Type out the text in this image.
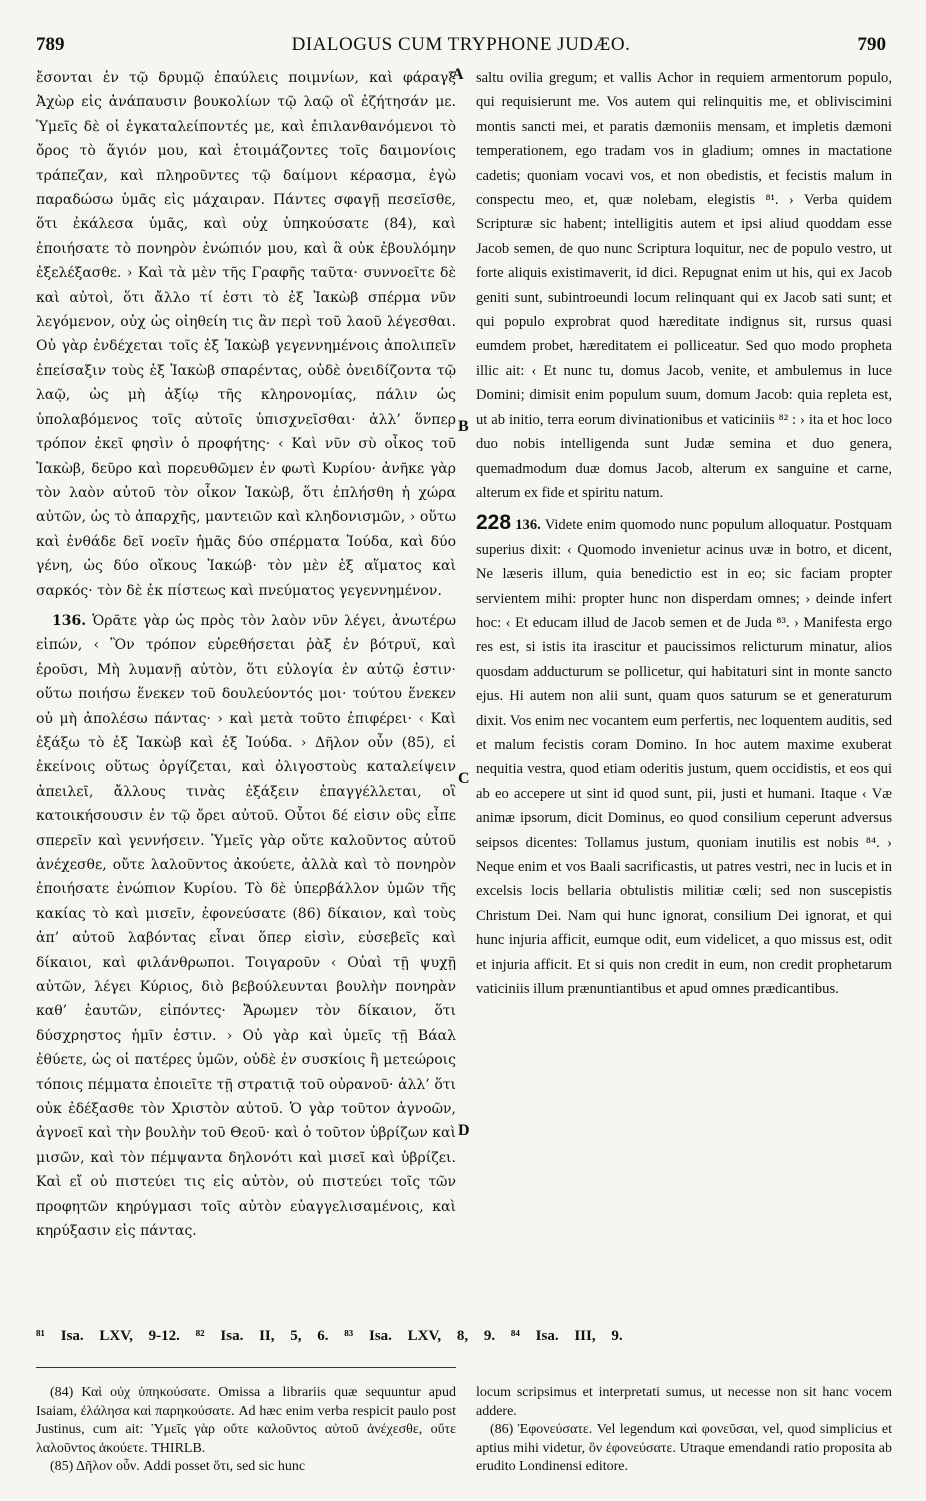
789	DIALOGUS CUM TRYPHONE JUDÆO.	790

ἔσονται ἐν τῷ δρυμῷ ἐπαύλεις ποιμνίων, καὶ φάραγξ Ἀχὼρ εἰς ἀνάπαυσιν βουκολίων τῷ λαῷ οἳ ἐζήτησάν με. Ὑμεῖς δὲ οἱ ἐγκαταλείποντές με, καὶ ἐπιλανθανόμενοι τὸ ὄρος τὸ ἅγιόν μου, καὶ ἑτοιμάζοντες τοῖς δαιμονίοις τράπεζαν, καὶ πληροῦντες τῷ δαίμονι κέρασμα, ἐγὼ παραδώσω ὑμᾶς εἰς μάχαιραν. Πάντες σφαγῇ πεσεῖσθε, ὅτι ἐκάλεσα ὑμᾶς, καὶ οὐχ ὑπηκούσατε (84), καὶ ἐποιήσατε τὸ πονηρὸν ἐνώπιόν μου, καὶ ἃ οὐκ ἐβουλόμην ἐξελέξασθε. › Καὶ τὰ μὲν τῆς Γραφῆς ταῦτα· συννοεῖτε δὲ καὶ αὐτοὶ, ὅτι ἄλλο τί ἐστι τὸ ἐξ Ἰακὼβ σπέρμα νῦν λεγόμενον, οὐχ ὡς οἰηθείη τις ἂν περὶ τοῦ λαοῦ λέγεσθαι. Οὐ γὰρ ἐνδέχεται τοῖς ἐξ Ἰακὼβ γεγεννημένοις ἀπολιπεῖν ἐπείσαξιν τοὺς ἐξ Ἰακὼβ σπαρέντας, οὐδὲ ὀνειδίζοντα τῷ λαῷ, ὡς μὴ ἀξίῳ τῆς κληρονομίας, πάλιν ὡς ὑπολαβόμενος τοῖς αὐτοῖς ὑπισχνεῖσθαι· ἀλλ’ ὅνπερ τρόπον ἐκεῖ φησὶν ὁ προφήτης· ‹ Καὶ νῦν σὺ οἶκος τοῦ Ἰακὼβ, δεῦρο καὶ πορευθῶμεν ἐν φωτὶ Κυρίου· ἀνῆκε γὰρ τὸν λαὸν αὐτοῦ τὸν οἶκον Ἰακὼβ, ὅτι ἐπλήσθη ἡ χώρα αὐτῶν, ὡς τὸ ἀπαρχῆς, μαντειῶν καὶ κληδονισμῶν, › οὕτω καὶ ἐνθάδε δεῖ νοεῖν ἡμᾶς δύο σπέρματα Ἰούδα, καὶ δύο γένη, ὡς δύο οἴκους Ἰακώβ· τὸν μὲν ἐξ αἵματος καὶ σαρκός· τὸν δὲ ἐκ πίστεως καὶ πνεύματος γεγεννημένον.

136. Ὁρᾶτε γὰρ ὡς πρὸς τὸν λαὸν νῦν λέγει, ἀνωτέρω εἰπών, ‹ Ὃν τρόπον εὑρεθήσεται ῥὰξ ἐν βότρυϊ, καὶ ἐροῦσι, Μὴ λυμανῇ αὐτὸν, ὅτι εὐλογία ἐν αὐτῷ ἐστιν· οὕτω ποιήσω ἕνεκεν τοῦ δουλεύοντός μοι· τούτου ἕνεκεν οὐ μὴ ἀπολέσω πάντας· › καὶ μετὰ τοῦτο ἐπιφέρει· ‹ Καὶ ἐξάξω τὸ ἐξ Ἰακὼβ καὶ ἐξ Ἰούδα. › Δῆλον οὖν (85), εἰ ἐκείνοις οὕτως ὀργίζεται, καὶ ὀλιγοστοὺς καταλείψειν ἀπειλεῖ, ἄλλους τινὰς ἐξάξειν ἐπαγγέλλεται, οἳ κατοικήσουσιν ἐν τῷ ὄρει αὐτοῦ. Οὗτοι δέ εἰσιν οὓς εἶπε σπερεῖν καὶ γεννήσειν. Ὑμεῖς γὰρ οὔτε καλοῦντος αὐτοῦ ἀνέχεσθε, οὔτε λαλοῦντος ἀκούετε, ἀλλὰ καὶ τὸ πονηρὸν ἐποιήσατε ἐνώπιον Κυρίου. Τὸ δὲ ὑπερβάλλον ὑμῶν τῆς κακίας τὸ καὶ μισεῖν, ἐφονεύσατε (86) δίκαιον, καὶ τοὺς ἀπ’ αὐτοῦ λαβόντας εἶναι ὅπερ εἰσὶν, εὐσεβεῖς καὶ δίκαιοι, καὶ φιλάνθρωποι. Τοιγαροῦν ‹ Οὐαὶ τῇ ψυχῇ αὐτῶν, λέγει Κύριος, διὸ βεβούλευνται βουλὴν πονηρὰν καθ’ ἑαυτῶν, εἰπόντες· Ἄρωμεν τὸν δίκαιον, ὅτι δύσχρηστος ἡμῖν ἐστιν. › Οὐ γὰρ καὶ ὑμεῖς τῇ Βάαλ ἐθύετε, ὡς οἱ πατέρες ὑμῶν, οὐδὲ ἐν συσκίοις ἢ μετεώροις τόποις πέμματα ἐποιεῖτε τῇ στρατιᾷ τοῦ οὐρανοῦ· ἀλλ’ ὅτι οὐκ ἐδέξασθε τὸν Χριστὸν αὐτοῦ. Ὁ γὰρ τοῦτον ἀγνοῶν, ἀγνοεῖ καὶ τὴν βουλὴν τοῦ Θεοῦ· καὶ ὁ τοῦτον ὑβρίζων καὶ μισῶν, καὶ τὸν πέμψαντα δηλονότι καὶ μισεῖ καὶ ὑβρίζει. Καὶ εἴ οὐ πιστεύει τις εἰς αὐτὸν, οὐ πιστεύει τοῖς τῶν προφητῶν κηρύγμασι τοῖς αὐτὸν εὐαγγελισαμένοις, καὶ κηρύξασιν εἰς πάντας.

A
B
C
D

saltu ovilia gregum; et vallis Achor in requiem armentorum populo, qui requisierunt me. Vos autem qui relinquitis me, et obliviscimini montis sancti mei, et paratis dæmoniis mensam, et impletis dæmoni temperationem, ego tradam vos in gladium; omnes in mactatione cadetis; quoniam vocavi vos, et non obedistis, et fecistis malum in conspectu meo, et, quæ nolebam, elegistis ⁸¹. › Verba quidem Scripturæ sic habent; intelligitis autem et ipsi aliud quoddam esse Jacob semen, de quo nunc Scriptura loquitur, nec de populo vestro, ut forte aliquis existimaverit, id dici. Repugnat enim ut his, qui ex Jacob geniti sunt, subintroeundi locum relinquant qui ex Jacob sati sunt; et qui populo exprobrat quod hæreditate indignus sit, rursus quasi eumdem probet, hæreditatem ei polliceatur. Sed quo modo propheta illic ait: ‹ Et nunc tu, domus Jacob, venite, et ambulemus in luce Domini; dimisit enim populum suum, domum Jacob: quia repleta est, ut ab initio, terra eorum divinationibus et vaticiniis ⁸² : › ita et hoc loco duo nobis intelligenda sunt Judæ semina et duo genera, quemadmodum duæ domus Jacob, alterum ex sanguine et carne, alterum ex fide et spiritu natum.

228 136. Videte enim quomodo nunc populum alloquatur. Postquam superius dixit: ‹ Quomodo invenietur acinus uvæ in botro, et dicent, Ne læseris illum, quia benedictio est in eo; sic faciam propter servientem mihi: propter hunc non disperdam omnes; › deinde infert hoc: ‹ Et educam illud de Jacob semen et de Juda ⁸³. › Manifesta ergo res est, si istis ita irascitur et paucissimos relicturum minatur, alios quosdam adducturum se pollicetur, qui habitaturi sint in monte sancto ejus. Hi autem non alii sunt, quam quos saturum se et generaturum dixit. Vos enim nec vocantem eum perfertis, nec loquentem auditis, sed et malum fecistis coram Domino. In hoc autem maxime exuberat nequitia vestra, quod etiam oderitis justum, quem occidistis, et eos qui ab eo accepere ut sint id quod sunt, pii, justi et humani. Itaque ‹ Væ animæ ipsorum, dicit Dominus, eo quod consilium ceperunt adversus seipsos dicentes: Tollamus justum, quoniam inutilis est nobis ⁸⁴. › Neque enim et vos Baali sacrificastis, ut patres vestri, nec in lucis et in excelsis locis bellaria obtulistis militiæ cœli; sed non suscepistis Christum Dei. Nam qui hunc ignorat, consilium Dei ignorat, et qui hunc injuria afficit, eumque odit, eum videlicet, a quo missus est, odit et injuria afficit. Et si quis non credit in eum, non credit prophetarum vaticiniis illum prænuntiantibus et apud omnes prædicantibus.

⁸¹ Isa. LXV, 9-12. ⁸² Isa. II, 5, 6. ⁸³ Isa. LXV, 8, 9. ⁸⁴ Isa. III, 9.

(84) Καὶ οὐχ ὑπηκούσατε. Omissa a librariis quæ sequuntur apud Isaiam, ἐλάλησα καὶ παρηκούσατε. Ad hæc enim verba respicit paulo post Justinus, cum ait: Ὑμεῖς γὰρ οὔτε καλοῦντος αὐτοῦ ἀνέχεσθε, οὔτε λαλοῦντος ἀκούετε. THIRLB.

(85) Δῆλον οὖν. Addi posset ὅτι, sed sic hunc

locum scripsimus et interpretati sumus, ut necesse non sit hanc vocem addere.

(86) Ἐφονεύσατε. Vel legendum καὶ φονεῦσαι, vel, quod simplicius et aptius mihi videtur, ὃν ἐφονεύσατε. Utraque emendandi ratio proposita ab erudito Londinensi editore.
